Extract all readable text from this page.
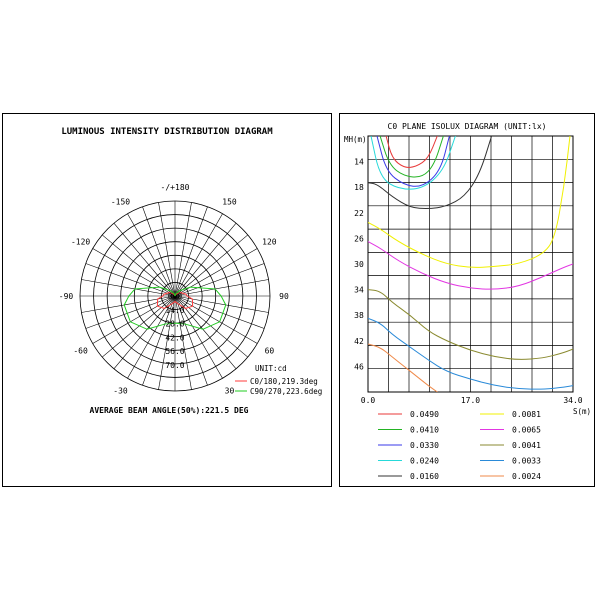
LUMINOUS INTENSITY DISTRIBUTION DIAGRAM
-/+180
150
120
90
60
30
-150
-120
-90
-60
-30
0.0
14.0
28.0
42.0
56.0
70.0	UNIT:cd
C0/180,219.3deg
C90/270,223.6deg
AVERAGE BEAM ANGLE(50%):221.5 DEG
C0 PLANE ISOLUX DIAGRAM (UNIT:lx)
MH(m)
14
18
22
26
30
34
38
42
46
0.0	17.0	34.0
S(m)
0.0490
0.0410
0.0330
0.0240
0.0160
0.0081
0.0065
0.0041
0.0033
0.0024
